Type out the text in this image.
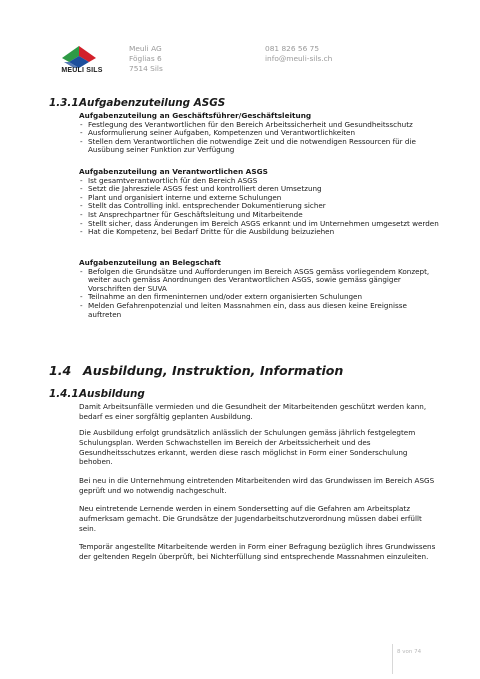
MEULI SILS
Meuli AG
Föglias 6
7514 Sils
081 826 56 75
info@meuli-sils.ch
1.3.1Aufgabenzuteilung ASGS
Aufgabenzuteilung an Geschäftsführer/Geschäftsleitung
- Festlegung des Verantwortlichen für den Bereich Arbeitssicherheit und Gesundheitsschutz
- Ausformulierung seiner Aufgaben, Kompetenzen und Verantwortlichkeiten
- Stellen dem Verantwortlichen die notwendige Zeit und die notwendigen Ressourcen für die Ausübung seiner Funktion zur Verfügung
Aufgabenzuteilung an Verantwortlichen ASGS
- Ist gesamtverantwortlich für den Bereich ASGS
- Setzt die Jahresziele ASGS fest und kontrolliert deren Umsetzung
- Plant und organisiert interne und externe Schulungen
- Stellt das Controlling inkl. entsprechender Dokumentierung sicher
- Ist Ansprechpartner für Geschäftsleitung und Mitarbeitende
- Stellt sicher, dass Änderungen im Bereich ASGS erkannt und im Unternehmen umgesetzt werden
- Hat die Kompetenz, bei Bedarf Dritte für die Ausbildung beizuziehen
Aufgabenzuteilung an Belegschaft
- Befolgen die Grundsätze und Aufforderungen im Bereich ASGS gemäss vorliegendem Konzept, weiter auch gemäss Anordnungen des Verantwortlichen ASGS, sowie gemäss gängiger Vorschriften der SUVA
- Teilnahme an den firmeninternen und/oder extern organisierten Schulungen
- Melden Gefahrenpotenzial und leiten Massnahmen ein, dass aus diesen keine Ereignisse auftreten
1.4 Ausbildung, Instruktion, Information
1.4.1Ausbildung
Damit Arbeitsunfälle vermieden und die Gesundheit der Mitarbeitenden geschützt werden kann, bedarf es einer sorgfältig geplanten Ausbildung.
Die Ausbildung erfolgt grundsätzlich anlässlich der Schulungen gemäss jährlich festgelegtem Schulungsplan. Werden Schwachstellen im Bereich der Arbeitssicherheit und des Gesundheitsschutzes erkannt, werden diese rasch möglichst in Form einer Sonderschulung behoben.
Bei neu in die Unternehmung eintretenden Mitarbeitenden wird das Grundwissen im Bereich ASGS geprüft und wo notwendig nachgeschult.
Neu eintretende Lernende werden in einem Sondersetting auf die Gefahren am Arbeitsplatz aufmerksam gemacht. Die Grundsätze der Jugendarbeitschutzverordnung müssen dabei erfüllt sein.
Temporär angestellte Mitarbeitende werden in Form einer Befragung bezüglich ihres Grundwissens der geltenden Regeln überprüft, bei Nichterfüllung sind entsprechende Massnahmen einzuleiten.
8 von 74
